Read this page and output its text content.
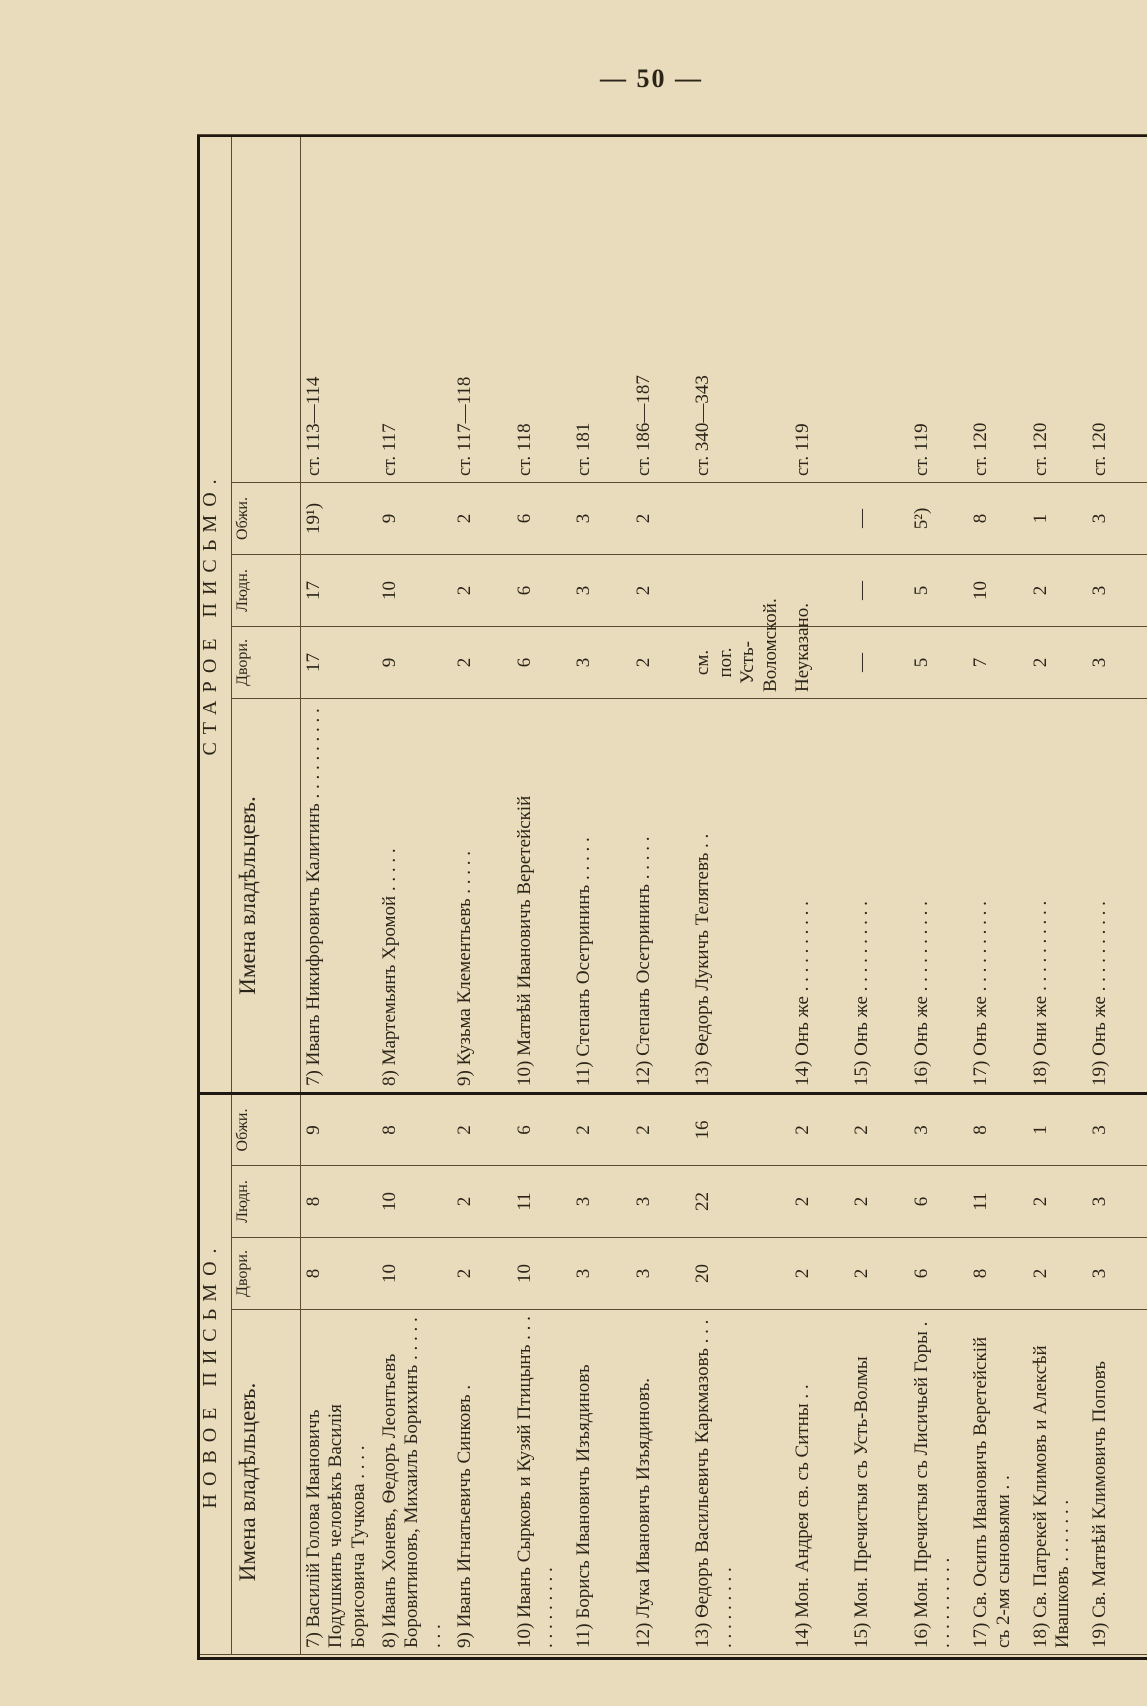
— 50 —
НОВОЕ ПИСЬМО.				СТАРОЕ ПИСЬМО.				
Имена владѣльцевъ.	Двори.	Людн.	Обжи.	Имена владѣльцевъ.	Двори.	Людн.	Обжи.	
7) Василій Голова Ивановичъ Подушкинъ человѣкъ Василія Борисовича Тучкова . . . .	8	8	9	7) Иванъ Никифоровичъ Калитинъ . . . . . . . . . .	17	17	19¹)	ст. 113—114
8) Иванъ Хоневъ, Ѳедоръ Леонтьевъ Боровитиновъ, Михаилъ Борихинъ . . . . . . . .	10	10	8	8) Мартемьянъ Хромой . . . . .	9	10	9	ст. 117
9) Иванъ Игнатьевичъ Синковъ .	2	2	2	9) Кузьма Клементьевъ . . . . .	2	2	2	ст. 117—118
10) Иванъ Сырковъ и Кузяй Птицынъ . . . . . . . . . . . .	10	11	6	10) Матвѣй Ивановичъ Веретейскій	6	6	6	ст. 118
11) Борисъ Ивановичъ Изъядиновъ	3	3	2	11) Степанъ Осетрининъ . . . . .	3	3	3	ст. 181
12) Лука Ивановичъ Изъядиновъ.	3	3	2	12) Степанъ Осетрининъ . . . . .	2	2	2	ст. 186—187
13) Ѳедоръ Васильевичъ Каркмазовъ . . . . . . . . . . . .	20	22	16	13) Ѳедоръ Лукичъ Телятевъ . .	см. пог. Усть-Воломской.			ст. 340—343
14) Мон. Андрея св. съ Ситны . .	2	2	2	14) Онъ же . . . . . . . . . .	Неуказано.			ст. 119
15) Мон. Пречистыя съ Усть-Волмы	2	2	2	15) Онъ же . . . . . . . . . .	—	—	—	
16) Мон. Пречистыя съ Лисичьей Горы . . . . . . . . . . .	6	6	3	16) Онъ же . . . . . . . . . .	5	5	5²)	ст. 119
17) Св. Осипъ Ивановичъ Веретейскій съ 2-мя сыновьями . .	8	11	8	17) Онъ же . . . . . . . . . .	7	10	8	ст. 120
18) Св. Патрекей Климовъ и Алексѣй Ивашковъ . . . . . . .	2	2	1	18) Они же . . . . . . . . . .	2	2	1	ст. 120
19) Св. Матвѣй Климовичъ Поповъ	3	3	3	19) Онъ же . . . . . . . . . .	3	3	3	ст. 120
